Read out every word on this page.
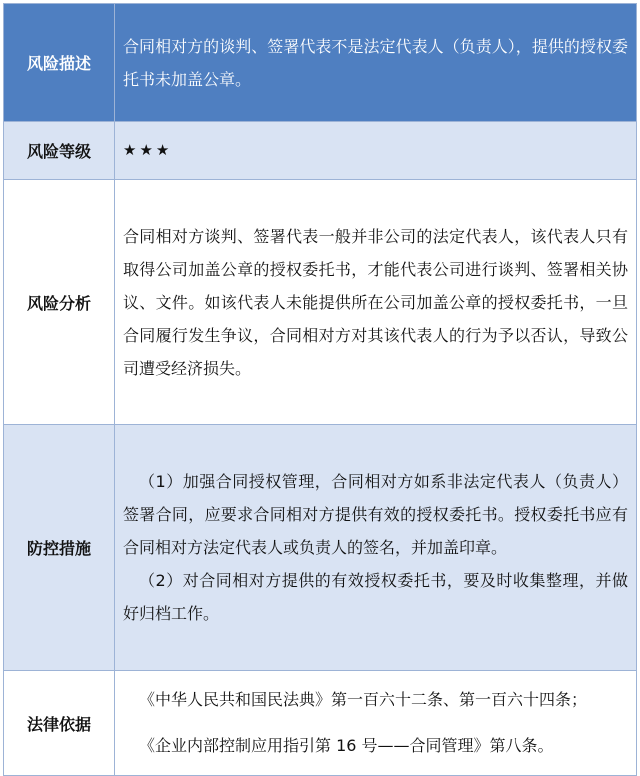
风险描述	合同相对方的谈判、签署代表不是法定代表人（负责人），提供的授权委托书未加盖公章。
风险等级	★★★
风险分析	合同相对方谈判、签署代表一般并非公司的法定代表人，该代表人只有取得公司加盖公章的授权委托书，才能代表公司进行谈判、签署相关协议、文件。如该代表人未能提供所在公司加盖公章的授权委托书，一旦合同履行发生争议，合同相对方对其该代表人的行为予以否认，导致公司遭受经济损失。
防控措施	（1）加强合同授权管理，合同相对方如系非法定代表人（负责人）签署合同，应要求合同相对方提供有效的授权委托书。授权委托书应有合同相对方法定代表人或负责人的签名，并加盖印章。
（2）对合同相对方提供的有效授权委托书，要及时收集整理，并做好归档工作。

法律依据	《中华人民共和国民法典》第一百六十二条、第一百六十四条；
《企业内部控制应用指引第 16 号——合同管理》第八条。
